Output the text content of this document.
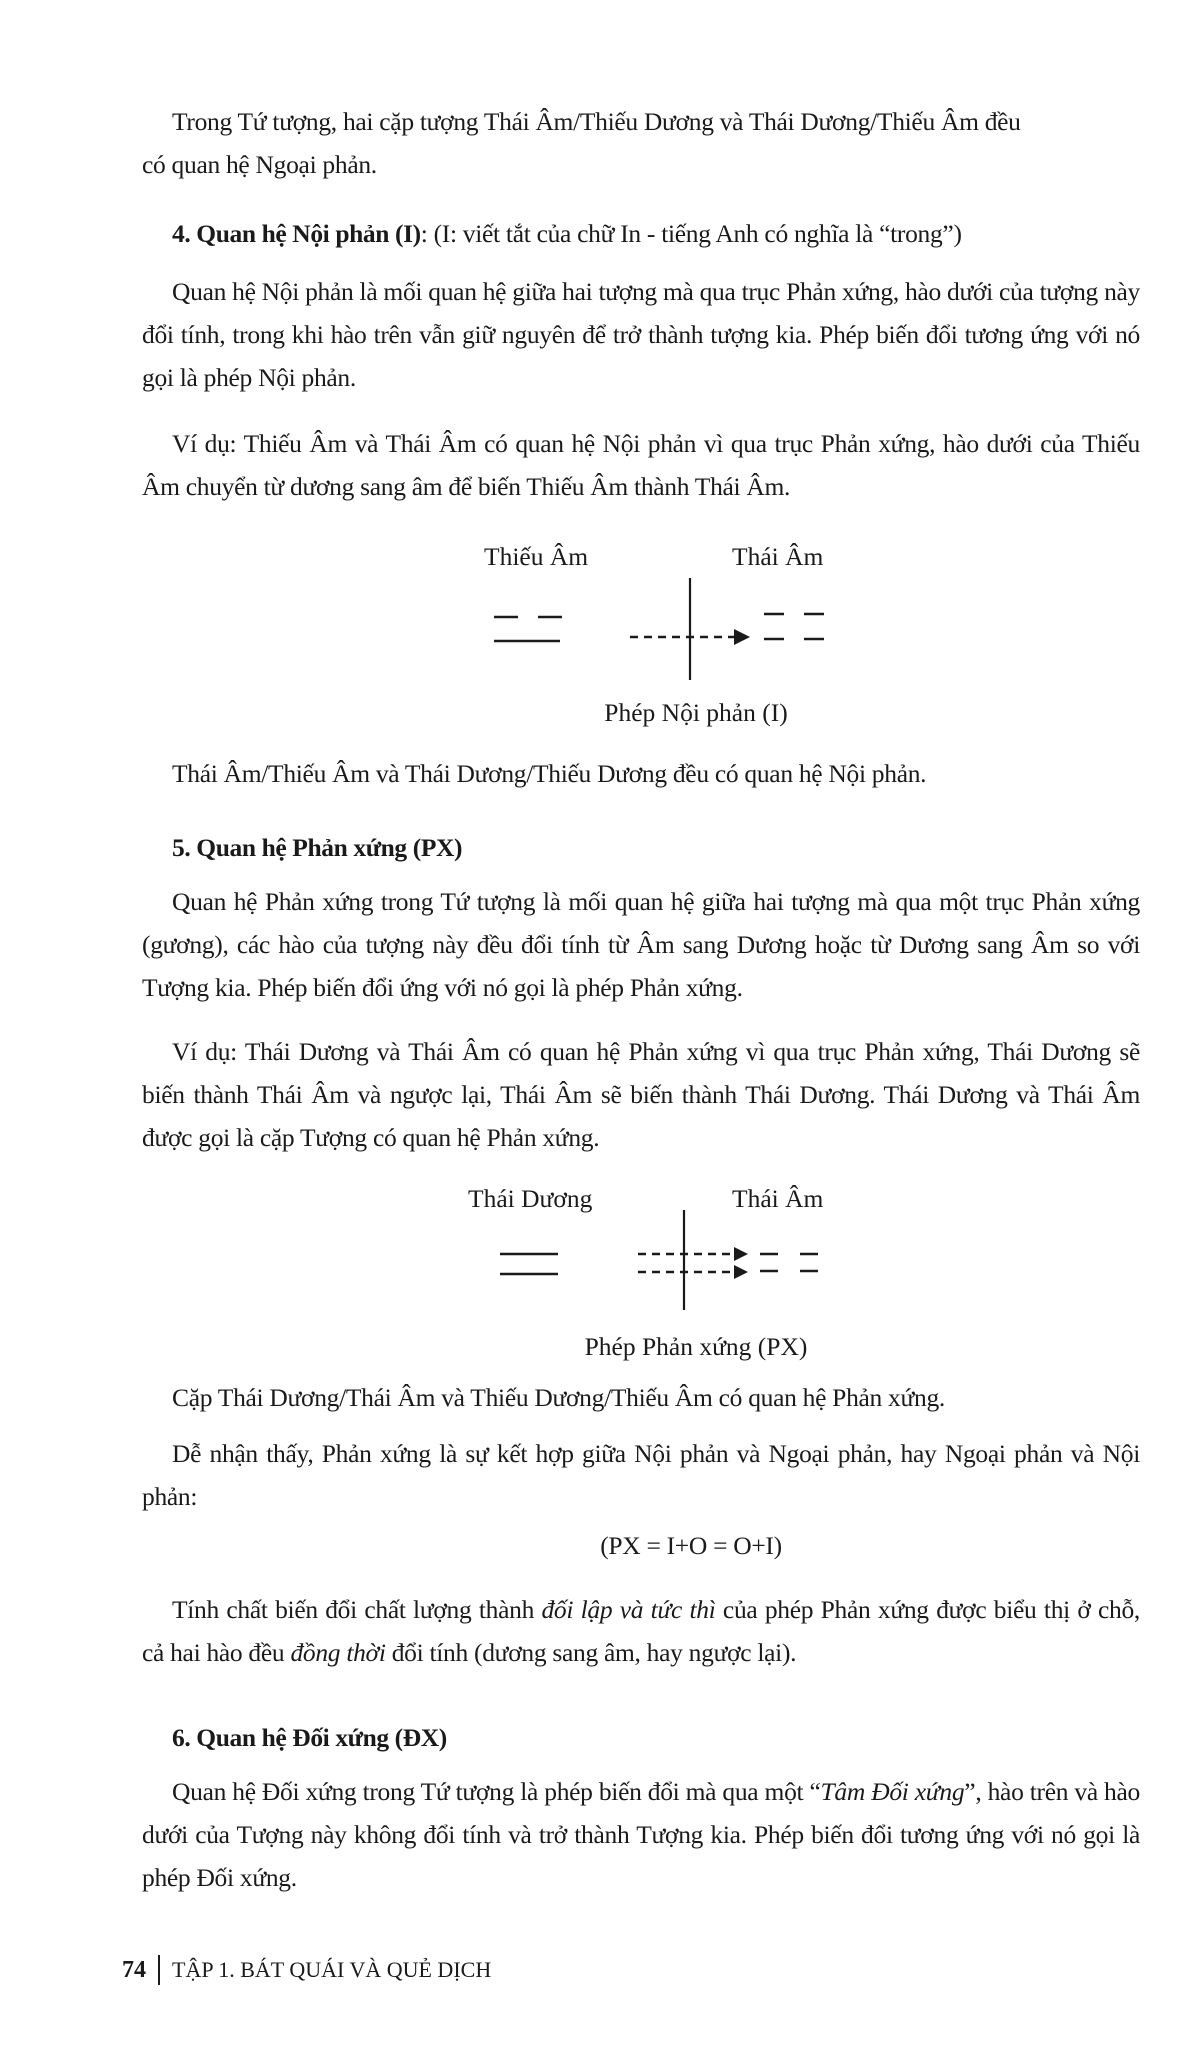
Trong Tứ tượng, hai cặp tượng Thái Âm/Thiếu Dương và Thái Dương/Thiếu Âm đều

có quan hệ Ngoại phản.

4. Quan hệ Nội phản (I): (I: viết tắt của chữ In - tiếng Anh có nghĩa là “trong”)

Quan hệ Nội phản là mối quan hệ giữa hai tượng mà qua trục Phản xứng, hào dưới của tượng này đổi tính, trong khi hào trên vẫn giữ nguyên để trở thành tượng kia. Phép biến đổi tương ứng với nó gọi là phép Nội phản.

Ví dụ: Thiếu Âm và Thái Âm có quan hệ Nội phản vì qua trục Phản xứng, hào dưới của Thiếu Âm chuyển từ dương sang âm để biến Thiếu Âm thành Thái Âm.

Thiếu Âm	Thái Âm
Phép Nội phản (I)

Thái Âm/Thiếu Âm và Thái Dương/Thiếu Dương đều có quan hệ Nội phản.

5. Quan hệ Phản xứng (PX)

Quan hệ Phản xứng trong Tứ tượng là mối quan hệ giữa hai tượng mà qua một trục Phản xứng (gương), các hào của tượng này đều đổi tính từ Âm sang Dương hoặc từ Dương sang Âm so với Tượng kia. Phép biến đổi ứng với nó gọi là phép Phản xứng.

Ví dụ: Thái Dương và Thái Âm có quan hệ Phản xứng vì qua trục Phản xứng, Thái Dương sẽ biến thành Thái Âm và ngược lại, Thái Âm sẽ biến thành Thái Dương. Thái Dương và Thái Âm được gọi là cặp Tượng có quan hệ Phản xứng.

Thái Dương	Thái Âm
Phép Phản xứng (PX)

Cặp Thái Dương/Thái Âm và Thiếu Dương/Thiếu Âm có quan hệ Phản xứng.

Dễ nhận thấy, Phản xứng là sự kết hợp giữa Nội phản và Ngoại phản, hay Ngoại phản và Nội phản:

(PX = I+O = O+I)

Tính chất biến đổi chất lượng thành đối lập và tức thì của phép Phản xứng được biểu thị ở chỗ, cả hai hào đều đồng thời đổi tính (dương sang âm, hay ngược lại).

6. Quan hệ Đối xứng (ĐX)

Quan hệ Đối xứng trong Tứ tượng là phép biến đổi mà qua một “Tâm Đối xứng”, hào trên và hào dưới của Tượng này không đổi tính và trở thành Tượng kia. Phép biến đổi tương ứng với nó gọi là phép Đối xứng.

74 TẬP 1. BÁT QUÁI VÀ QUẺ DỊCH
